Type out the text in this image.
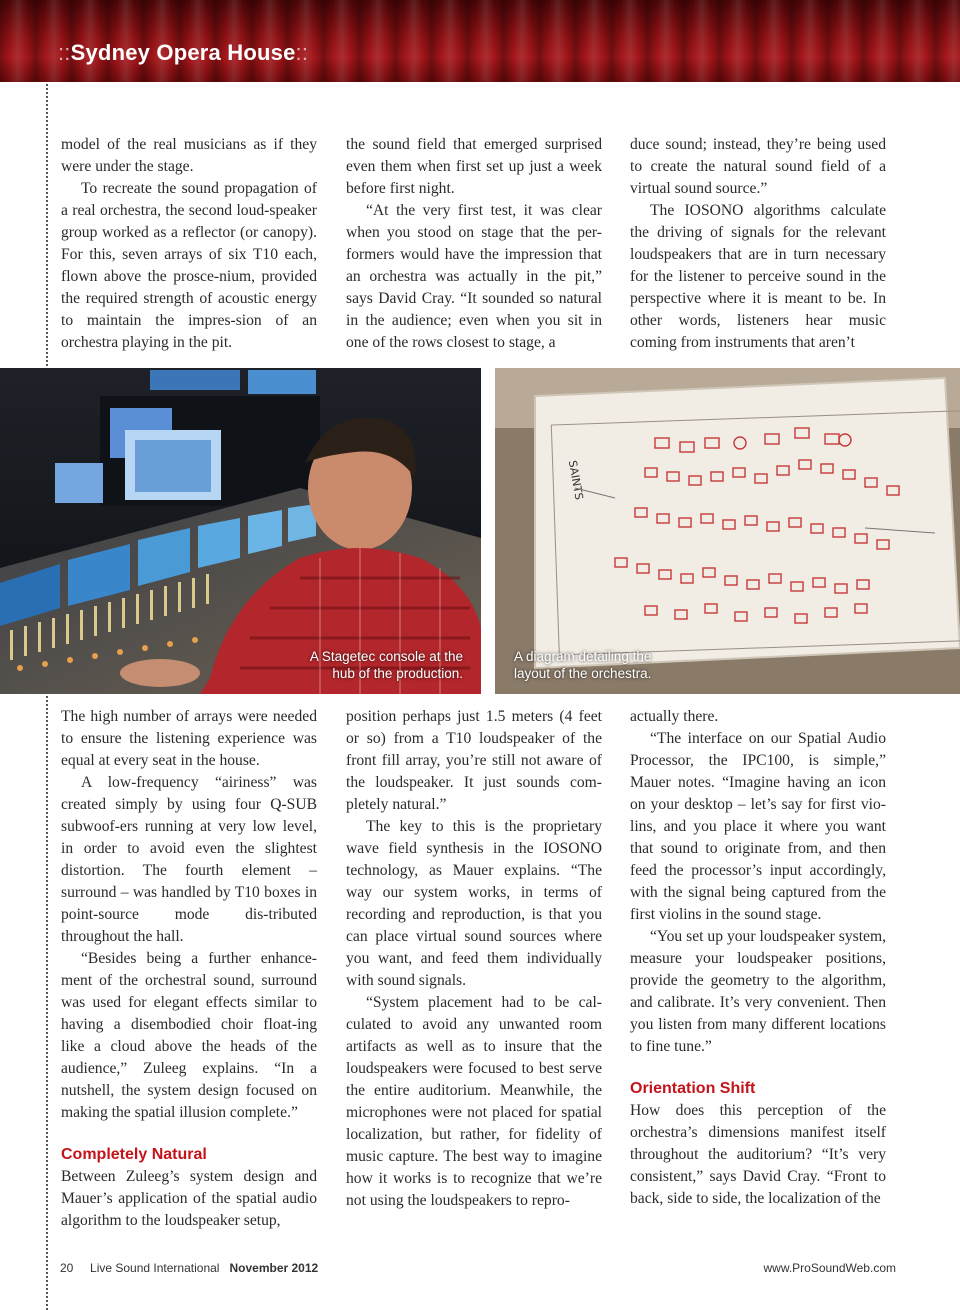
::Sydney Opera House::

model of the real musicians as if they were under the stage.

To recreate the sound propagation of a real orchestra, the second loud-speaker group worked as a reflector (or canopy). For this, seven arrays of six T10 each, flown above the prosce-nium, provided the required strength of acoustic energy to maintain the impres-sion of an orchestra playing in the pit.

the sound field that emerged surprised even them when first set up just a week before first night.

“At the very first test, it was clear when you stood on stage that the per-formers would have the impression that an orchestra was actually in the pit,” says David Cray. “It sounded so natural in the audience; even when you sit in one of the rows closest to stage, a

duce sound; instead, they’re being used to create the natural sound field of a virtual sound source.”

The IOSONO algorithms calculate the driving of signals for the relevant loudspeakers that are in turn necessary for the listener to perceive sound in the perspective where it is meant to be. In other words, listeners hear music coming from instruments that aren’t

A Stagetec console at the
hub of the production.
SAINTS
A diagram detailing the
layout of the orchestra.

The high number of arrays were needed to ensure the listening experience was equal at every seat in the house.

A low-frequency “airiness” was created simply by using four Q-SUB subwoof-ers running at very low level, in order to avoid even the slightest distortion. The fourth element – surround – was handled by T10 boxes in point-source mode dis-tributed throughout the hall.

“Besides being a further enhance-ment of the orchestral sound, surround was used for elegant effects similar to having a disembodied choir float-ing like a cloud above the heads of the audience,” Zuleeg explains. “In a nutshell, the system design focused on making the spatial illusion complete.”

Completely Natural

Between Zuleeg’s system design and Mauer’s application of the spatial audio algorithm to the loudspeaker setup,

position perhaps just 1.5 meters (4 feet or so) from a T10 loudspeaker of the front fill array, you’re still not aware of the loudspeaker. It just sounds com-pletely natural.”

The key to this is the proprietary wave field synthesis in the IOSONO technology, as Mauer explains. “The way our system works, in terms of recording and reproduction, is that you can place virtual sound sources where you want, and feed them individually with sound signals.

“System placement had to be cal-culated to avoid any unwanted room artifacts as well as to insure that the loudspeakers were focused to best serve the entire auditorium. Meanwhile, the microphones were not placed for spatial localization, but rather, for fidelity of music capture. The best way to imagine how it works is to recognize that we’re not using the loudspeakers to repro-

actually there.

“The interface on our Spatial Audio Processor, the IPC100, is simple,” Mauer notes. “Imagine having an icon on your desktop – let’s say for first vio-lins, and you place it where you want that sound to originate from, and then feed the processor’s input accordingly, with the signal being captured from the first violins in the sound stage.

“You set up your loudspeaker system, measure your loudspeaker positions, provide the geometry to the algorithm, and calibrate. It’s very convenient. Then you listen from many different locations to fine tune.”

Orientation Shift

How does this perception of the orchestra’s dimensions manifest itself throughout the auditorium? “It’s very consistent,” says David Cray. “Front to back, side to side, the localization of the

20 Live Sound International November 2012	www.ProSoundWeb.com
